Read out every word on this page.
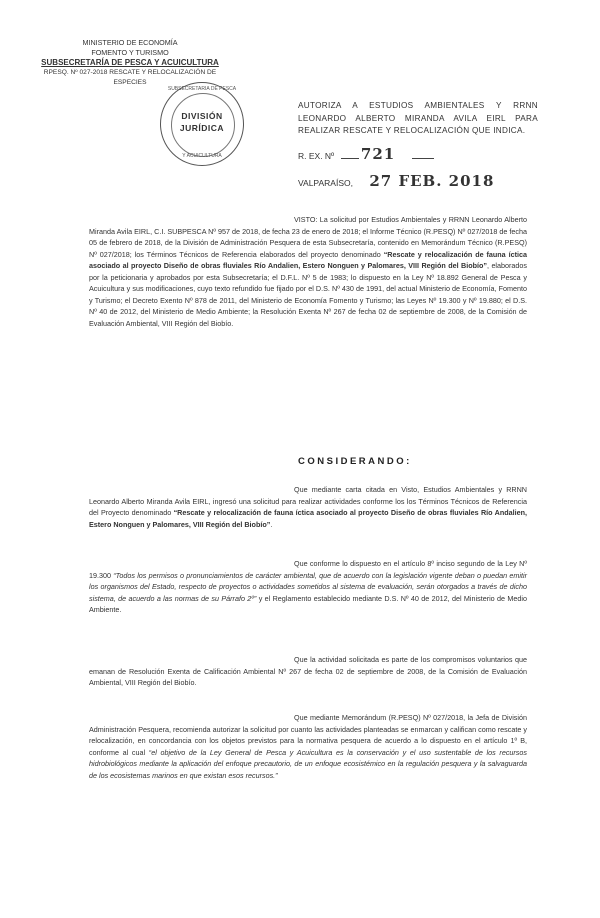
MINISTERIO DE ECONOMÍA
FOMENTO Y TURISMO
SUBSECRETARÍA DE PESCA Y ACUICULTURA
RPESQ. Nº 027-2018 RESCATE Y RELOCALIZACIÓN DE
ESPECIES
SUBSECRETARIA DE PESCA
DIVISIÓN
JURÍDICA
Y ACUICULTURA
AUTORIZA A ESTUDIOS AMBIENTALES Y RRNN LEONARDO ALBERTO MIRANDA AVILA EIRL PARA REALIZAR RESCATE Y RELOCALIZACIÓN QUE INDICA.
R. EX. Nº 721
VALPARAÍSO, 27 FEB. 2018
VISTO: La solicitud por Estudios Ambientales y RRNN Leonardo Alberto Miranda Avila EIRL, C.I. SUBPESCA Nº 957 de 2018, de fecha 23 de enero de 2018; el Informe Técnico (R.PESQ) Nº 027/2018 de fecha 05 de febrero de 2018, de la División de Administración Pesquera de esta Subsecretaría, contenido en Memorándum Técnico (R.PESQ) Nº 027/2018; los Términos Técnicos de Referencia elaborados del proyecto denominado “Rescate y relocalización de fauna íctica asociado al proyecto Diseño de obras fluviales Río Andalien, Estero Nonguen y Palomares, VIII Región del Biobío”, elaborados por la peticionaria y aprobados por esta Subsecretaría; el D.F.L. Nº 5 de 1983; lo dispuesto en la Ley Nº 18.892 General de Pesca y Acuicultura y sus modificaciones, cuyo texto refundido fue fijado por el D.S. Nº 430 de 1991, del actual Ministerio de Economía, Fomento y Turismo; el Decreto Exento Nº 878 de 2011, del Ministerio de Economía Fomento y Turismo; las Leyes Nº 19.300 y Nº 19.880; el D.S. Nº 40 de 2012, del Ministerio de Medio Ambiente; la Resolución Exenta Nº 267 de fecha 02 de septiembre de 2008, de la Comisión de Evaluación Ambiental, VIII Región del Biobío.
CONSIDERANDO:
Que mediante carta citada en Visto, Estudios Ambientales y RRNN Leonardo Alberto Miranda Avila EIRL, ingresó una solicitud para realizar actividades conforme los los Términos Técnicos de Referencia del Proyecto denominado “Rescate y relocalización de fauna íctica asociado al proyecto Diseño de obras fluviales Río Andalien, Estero Nonguen y Palomares, VIII Región del Biobío”.
Que conforme lo dispuesto en el artículo 8º inciso segundo de la Ley Nº 19.300 “Todos los permisos o pronunciamientos de carácter ambiental, que de acuerdo con la legislación vigente deban o puedan emitir los organismos del Estado, respecto de proyectos o actividades sometidos al sistema de evaluación, serán otorgados a través de dicho sistema, de acuerdo a las normas de su Párrafo 2º” y el Reglamento establecido mediante D.S. Nº 40 de 2012, del Ministerio de Medio Ambiente.
Que la actividad solicitada es parte de los compromisos voluntarios que emanan de Resolución Exenta de Calificación Ambiental Nº 267 de fecha 02 de septiembre de 2008, de la Comisión de Evaluación Ambiental, VIII Región del Biobío.
Que mediante Memorándum (R.PESQ) Nº 027/2018, la Jefa de División Administración Pesquera, recomienda autorizar la solicitud por cuanto las actividades planteadas se enmarcan y califican como rescate y relocalización, en concordancia con los objetos previstos para la normativa pesquera de acuerdo a lo dispuesto en el artículo 1º B, conforme al cual “el objetivo de la Ley General de Pesca y Acuicultura es la conservación y el uso sustentable de los recursos hidrobiológicos mediante la aplicación del enfoque precautorio, de un enfoque ecosistémico en la regulación pesquera y la salvaguarda de los ecosistemas marinos en que existan esos recursos.”
